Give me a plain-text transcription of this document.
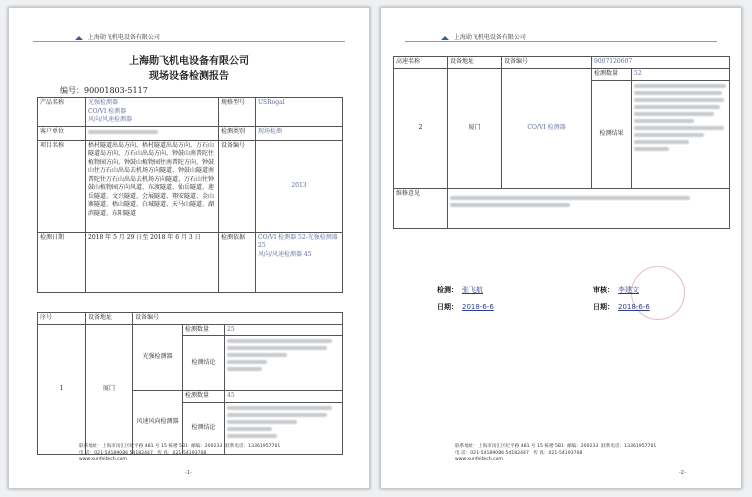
上海勋飞机电设备有限公司
上海勋飞机电设备有限公司
现场设备检测报告
编号：90001803-5117
产品名称	光强检测器
CO/VI 检测器
风向/风速检测器	规格型号	USRogal
客户单位		检测类别	现场检测
项目名称	梧村隧道出岛方向、梧村隧道出岛方向、万石山隧道岛方向、万石山出岛方向、钟鼓山南普陀往植物园方向、钟鼓山植物园往南普陀方向、钟鼓山往万石山出岛去机场方向隧道、钟鼓山隧道南普陀往万石山出岛去机场方向隧道、万石山往钟鼓山植物园方向风道、东渡隧道、仙岳隧道、莲岳隧道、文兴隧道、会展隧道、翔安隧道、金山寨隧道、梧山隧道、白城隧道、天马山隧道、湖滨隧道、东阳隧道	设备编号	2013
检测日期	2018 年 5 月 29 日至 2018 年 6 月 3 日	检测依据	CO/VI 检测器 52-光强检测器 25
风向/风速检测器 45
序号	设备地址	设备编号		
1	厦门	光强检测器	检测数量	25
			检测结论	

		风速风向检测器	检测数量	45
			检测结论	
联系地址：上海市闵汇区纪平路 481 号 15 栋楼 5B1 邮编：200233 联系电话：13361957701
电 话：021-54189086 54182447 传 真：021-54193708
www.xunfeitech.com
-1-
上海勋飞机电设备有限公司
高速名称	设备地址	设备编号	9007120607	
2	厦门	CO/VI 检测器	检测数量	52
			检测结果	

维修意见				
检测： 张飞航	审核： 李建文
日期： 2018-6-6	日期： 2018-6-6
联系地址：上海市闵汇区纪平路 481 号 15 栋楼 5B1 邮编：200233 联系电话：13361957701
电 话：021-54189086 54182447 传 真：021-54193708
www.xunfeitech.com
-2-
